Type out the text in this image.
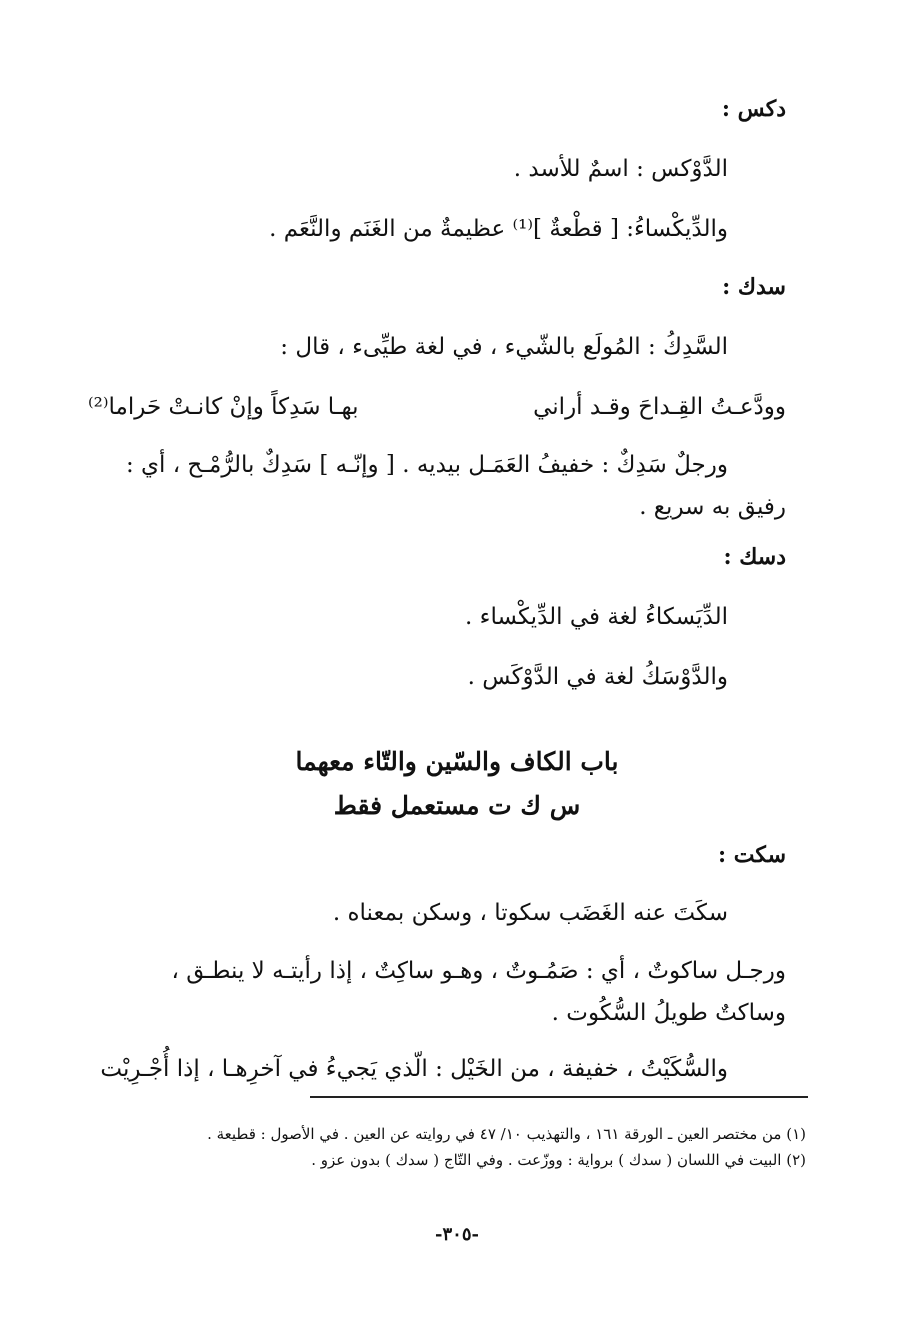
دكس :
الدَّوْكس : اسمٌ للأسد .
والدِّيكْساءُ: [ قطْعةٌ ]⁽¹⁾ عظيمةٌ من الغَنَم والنَّعَم .
سدك :
السَّدِكُ : المُولَع بالشّيء ، في لغة طيِّىء ، قال :
وودَّعـتُ القِـداحَ وقـد أراني
بهـا سَدِكاً وإنْ كانـتْ حَراما⁽²⁾
ورجلٌ سَدِكٌ : خفيفُ العَمَـل بيديه . [ وإنّـه ] سَدِكٌ بالرُّمْـح ، أي :
رفيق به سريع .
دسك :
الدِّيَسكاءُ لغة في الدِّيكْساء .
والدَّوْسَكُ لغة في الدَّوْكَس .
باب الكاف والسّين والتّاء معهما
س ك ت مستعمل فقط
سكت :
سكَتَ عنه الغَضَب سكوتا ، وسكن بمعناه .
ورجـل ساكوتٌ ، أي : صَمُـوتٌ ، وهـو ساكِتٌ ، إذا رأيتـه لا ينطـق ،
وساكتٌ طويلُ السُّكُوت .
والسُّكَيْتُ ، خفيفة ، من الخَيْل : الّذي يَجيءُ في آخرِهـا ، إذا أُجْـرِيْت
(١) من مختصر العين ـ الورقة ١٦١ ، والتهذيب ١٠/ ٤٧ في روايته عن العين . في الأصول : قطيعة .
(٢) البيت في اللسان ( سدك ) برواية : ووزّعت . وفي التّاج ( سدك ) بدون عزو .
-٣٠٥-
